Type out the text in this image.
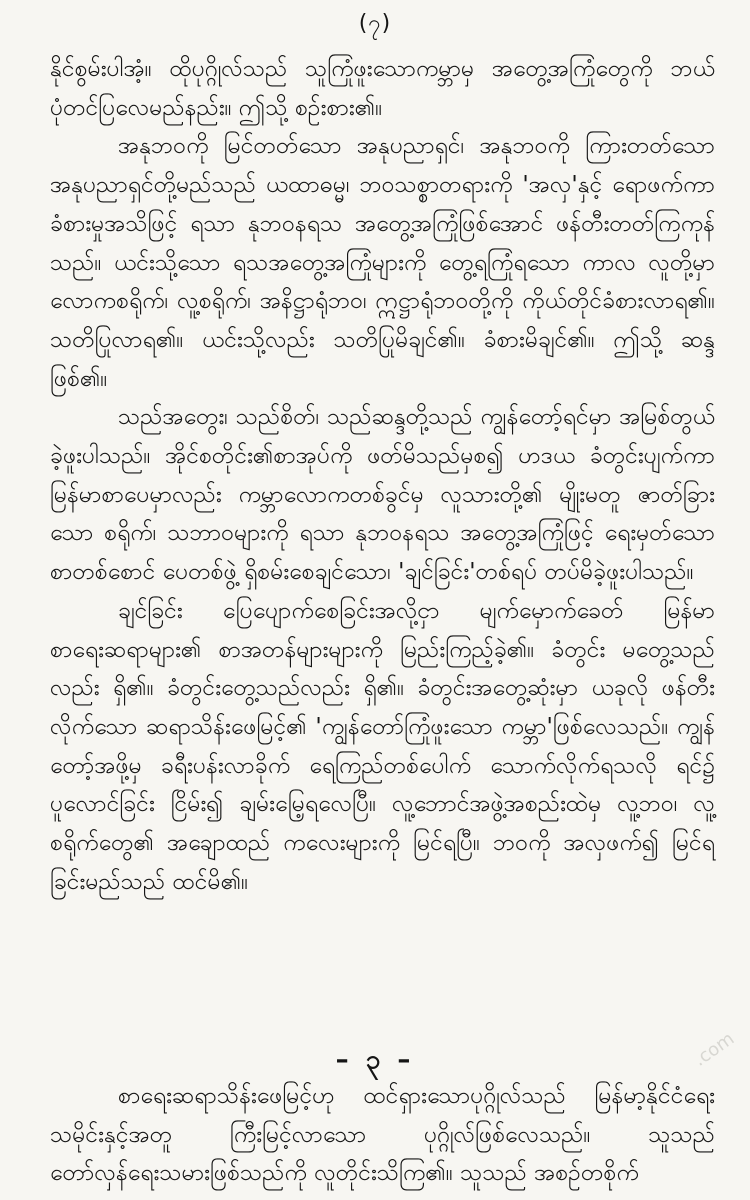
(၇)

နိုင်စွမ်းပါအံ့။ ထိုပုဂ္ဂိုလ်သည် သူကြုံဖူးသောကမ္ဘာမှ အတွေ့အကြုံတွေကို ဘယ်ပုံတင်ပြလေမည်နည်း။ ဤသို့ စဉ်းစား၏။

အနုဘ၀ကို မြင်တတ်သော အနုပညာရှင်၊ အနုဘ၀ကို ကြားတတ်သော အနုပညာရှင်တို့မည်သည် ယထာဓမ္မ၊ ဘ၀သစ္စာတရားကို 'အလှ'နှင့် ရောဖက်ကာ ခံစားမှုအသိဖြင့် ရသာ နုဘ၀နရသ အတွေ့အကြုံဖြစ်အောင် ဖန်တီးတတ်ကြကုန်သည်။ ယင်းသို့သော ရသအတွေ့အကြုံများကို တွေ့ရကြုံရသော ကာလ လူတို့မှာ လောကစရိုက်၊ လူ့စရိုက်၊ အနိဋ္ဌာရုံဘ၀၊ ဣဋ္ဌာရုံဘ၀တို့ကို ကိုယ်တိုင်ခံစားလာရ၏။ သတိပြုလာရ၏။ ယင်းသို့လည်း သတိပြုမိချင်၏။ ခံစားမိချင်၏။ ဤသို့ ဆန္ဒဖြစ်၏။

သည်အတွေး၊ သည်စိတ်၊ သည်ဆန္ဒတို့သည် ကျွန်တော့်ရင်မှာ အမြစ်တွယ်ခဲ့ဖူးပါသည်။ အိုင်စတိုင်း၏စာအုပ်ကို ဖတ်မိသည်မှစ၍ ဟဒယ ခံတွင်းပျက်ကာ မြန်မာစာပေမှာလည်း ကမ္ဘာလောကတစ်ခွင်မှ လူသားတို့၏ မျိုးမတူ ဇာတ်ခြားသော စရိုက်၊ သဘာ၀များကို ရသာ နုဘ၀နရသ အတွေ့အကြုံဖြင့် ရေးမှတ်သော စာတစ်စောင် ပေတစ်ဖွဲ့ ရှိစမ်းစေချင်သော၊ 'ချင်ခြင်း'တစ်ရပ် တပ်မိခဲ့ဖူးပါသည်။

ချင်ခြင်း ပြေပျောက်စေခြင်းအလို့ငှာ မျက်မှောက်ခေတ် မြန်မာစာရေးဆရာများ၏ စာအတန်များများကို မြည်းကြည့်ခဲ့၏။ ခံတွင်း မတွေ့သည်လည်း ရှိ၏။ ခံတွင်းတွေ့သည်လည်း ရှိ၏။ ခံတွင်းအတွေ့ဆုံးမှာ ယခုလို ဖန်တီးလိုက်သော ဆရာသိန်းဖေမြင့်၏ 'ကျွန်တော်ကြုံဖူးသော ကမ္ဘာ'ဖြစ်လေသည်။ ကျွန်တော့်အဖို့မှ ခရီးပန်းလာခိုက် ရေကြည်တစ်ပေါက် သောက်လိုက်ရသလို ရင်၌ ပူလောင်ခြင်း ငြိမ်း၍ ချမ်းမြေ့ရလေပြီ။ လူ့ဘောင်အဖွဲ့အစည်းထဲမှ လူ့ဘ၀၊ လူ့စရိုက်တွေ၏ အချောထည် ကလေးများကို မြင်ရပြီ။ ဘ၀ကို အလှဖက်၍ မြင်ရခြင်းမည်သည် ထင်မိ၏။

– ၃ –

စာရေးဆရာသိန်းဖေမြင့်ဟု ထင်ရှားသောပုဂ္ဂိုလ်သည် မြန်မာ့နိုင်ငံရေးသမိုင်းနှင့်အတူ ကြီးမြင့်လာသော ပုဂ္ဂိုလ်ဖြစ်လေသည်။ သူသည် တော်လှန်ရေးသမားဖြစ်သည်ကို လူတိုင်းသိကြ၏။ သူသည် အစဉ်တစိုက်

.com
